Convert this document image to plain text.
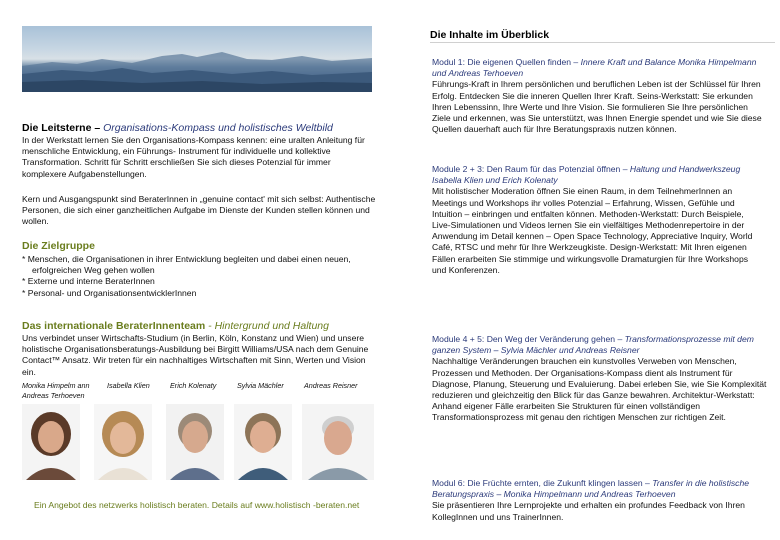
Die Leitsterne – Organisations-Kompass und holistisches Weltbild
In der Werkstatt lernen Sie den Organisations-Kompass kennen: eine uralten Anleitung für menschliche Entwicklung, ein Führungs- Instrument für individuelle und kollektive Transformation. Schritt für Schritt erschließen Sie sich dieses Potenzial für immer komplexere Aufgabenstellungen.
Kern und Ausgangspunkt sind BeraterInnen in „genuine contact' mit sich selbst: Authentische Personen, die sich einer ganzheitlichen Aufgabe im Dienste der Kunden stellen können und wollen.
Die Zielgruppe
* Menschen, die Organisationen in ihrer Entwicklung begleiten und dabei einen neuen,
erfolgreichen Weg gehen wollen
* Externe und interne BeraterInnen
* Personal- und OrganisationsentwicklerInnen
Das internationale BeraterInnenteam - Hintergrund und Haltung
Uns verbindet unser Wirtschafts-Studium (in Berlin, Köln, Konstanz und Wien) und unsere holistische Organisationsberatungs-Ausbildung bei Birgitt Williams/USA nach dem Genuine Contact™ Ansatz. Wir treten für ein nachhaltiges Wirtschaften mit Sinn, Werten und Vision ein.
Monika Himpelm ann Isabella Klien	Erich Kolenaty	Sylvia Mächler	Andreas Reisner
Andreas Terhoeven
Ein Angebot des netzwerks holistisch beraten. Details auf www.holistisch -beraten.net
Die Inhalte im Überblick
Modul 1: Die eigenen Quellen finden – Innere Kraft und Balance Monika Himpelmann und Andreas Terhoeven
Führungs-Kraft in Ihrem persönlichen und beruflichen Leben ist der Schlüssel für Ihren Erfolg. Entdecken Sie die inneren Quellen Ihrer Kraft. Seins-Werkstatt: Sie erkunden Ihren Lebenssinn, Ihre Werte und Ihre Vision. Sie formulieren Sie Ihre persönlichen Ziele und erkennen, was Sie unterstützt, was Ihnen Energie spendet und wie Sie diese Quellen dauerhaft auch für Ihre Beratungspraxis nutzen können.
Module 2 + 3: Den Raum für das Potenzial öffnen – Haltung und Handwerkszeug Isabella Klien und Erich Kolenaty
Mit holistischer Moderation öffnen Sie einen Raum, in dem TeilnehmerInnen an Meetings und Workshops ihr volles Potenzial – Erfahrung, Wissen, Gefühle und Intuition – einbringen und entfalten können. Methoden-Werkstatt: Durch Beispiele, Live-Simulationen und Videos lernen Sie ein vielfältiges Methodenrepertoire in der Anwendung im Detail kennen – Open Space Technology, Appreciative Inquiry, World Café, RTSC und mehr für Ihre Werkzeugkiste. Design-Werkstatt: Mit Ihren eigenen Fällen erarbeiten Sie stimmige und wirkungsvolle Dramaturgien für Ihre Workshops und Konferenzen.
Module 4 + 5: Den Weg der Veränderung gehen – Transformationsprozesse mit dem ganzen System – Sylvia Mächler und Andreas Reisner
Nachhaltige Veränderungen brauchen ein kunstvolles Verweben von Menschen, Prozessen und Methoden. Der Organisations-Kompass dient als Instrument für Diagnose, Planung, Steuerung und Evaluierung. Dabei erleben Sie, wie Sie Komplexität reduzieren und gleichzeitig den Blick für das Ganze bewahren. Architektur-Werkstatt: Anhand eigener Fälle erarbeiten Sie Strukturen für einen vollständigen Transformationsprozess mit genau den richtigen Menschen zur richtigen Zeit.
Modul 6: Die Früchte ernten, die Zukunft klingen lassen – Transfer in die holistische Beratungspraxis – Monika Himpelmann und Andreas Terhoeven
Sie präsentieren Ihre Lernprojekte und erhalten ein profundes Feedback von Ihren KollegInnen und uns TrainerInnen.
